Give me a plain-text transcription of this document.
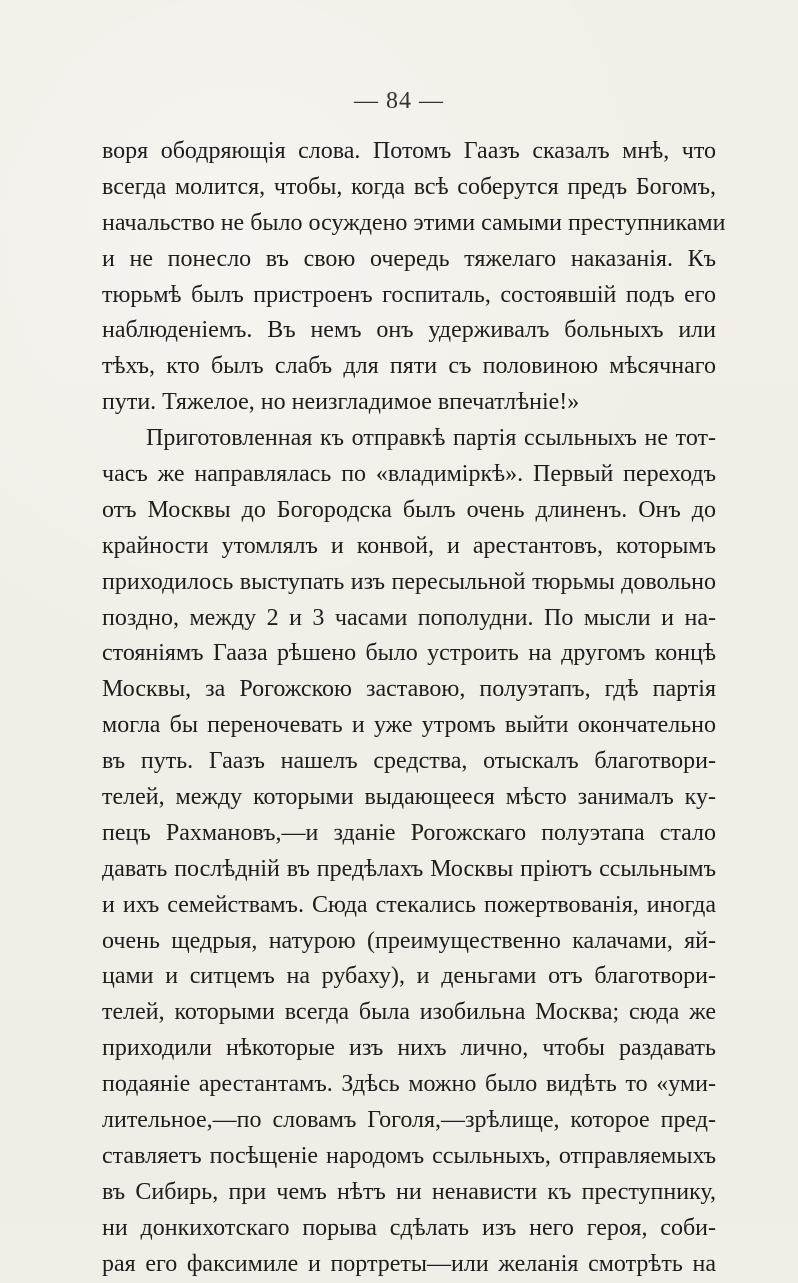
— 84 —
воря ободряющія слова. Потомъ Гаазъ сказалъ мнѣ, что
всегда молится, чтобы, когда всѣ соберутся предъ Богомъ,
начальство не было осуждено этими самыми преступниками
и не понесло въ свою очередь тяжелаго наказанія. Къ
тюрьмѣ былъ пристроенъ госпиталь, состоявшій подъ его
наблюденіемъ. Въ немъ онъ удерживалъ больныхъ или
тѣхъ, кто былъ слабъ для пяти съ половиною мѣсячнаго
пути. Тяжелое, но неизгладимое впечатлѣніе!»
Приготовленная къ отправкѣ партія ссыльныхъ не тот-
часъ же направлялась по «владиміркѣ». Первый переходъ
отъ Москвы до Богородска былъ очень длиненъ. Онъ до
крайности утомлялъ и конвой, и арестантовъ, которымъ
приходилось выступать изъ пересыльной тюрьмы довольно
поздно, между 2 и 3 часами пополудни. По мысли и на-
стояніямъ Гааза рѣшено было устроить на другомъ концѣ
Москвы, за Рогожскою заставою, полуэтапъ, гдѣ партія
могла бы переночевать и уже утромъ выйти окончательно
въ путь. Гаазъ нашелъ средства, отыскалъ благотвори-
телей, между которыми выдающееся мѣсто занималъ ку-
пецъ Рахмановъ,—и зданіе Рогожскаго полуэтапа стало
давать послѣдній въ предѣлахъ Москвы пріютъ ссыльнымъ
и ихъ семействамъ. Сюда стекались пожертвованія, иногда
очень щедрыя, натурою (преимущественно калачами, яй-
цами и ситцемъ на рубаху), и деньгами отъ благотвори-
телей, которыми всегда была изобильна Москва; сюда же
приходили нѣкоторые изъ нихъ лично, чтобы раздавать
подаяніе арестантамъ. Здѣсь можно было видѣть то «уми-
лительное,—по словамъ Гоголя,—зрѣлище, которое пред-
ставляетъ посѣщеніе народомъ ссыльныхъ, отправляемыхъ
въ Сибирь, при чемъ нѣтъ ни ненависти къ преступнику,
ни донкихотскаго порыва сдѣлать изъ него героя, соби-
рая его факсимиле и портреты—или желанія смотрѣть на
